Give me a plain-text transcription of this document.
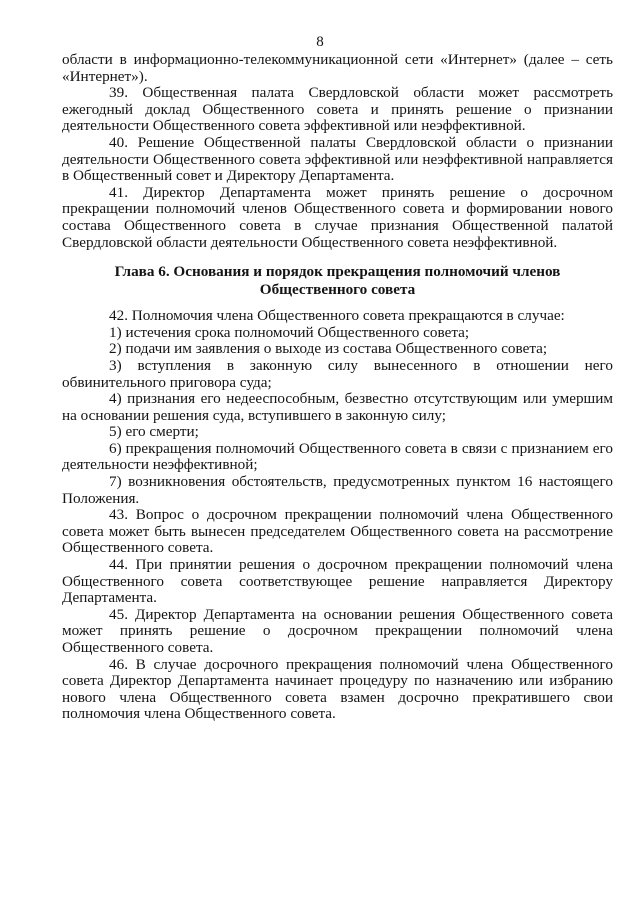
8

области в информационно-телекоммуникационной сети «Интернет» (далее – сеть «Интернет»).

39. Общественная палата Свердловской области может рассмотреть ежегодный доклад Общественного совета и принять решение о признании деятельности Общественного совета эффективной или неэффективной.

40. Решение Общественной палаты Свердловской области о признании деятельности Общественного совета эффективной или неэффективной направляется в Общественный совет и Директору Департамента.

41. Директор Департамента может принять решение о досрочном прекращении полномочий членов Общественного совета и формировании нового состава Общественного совета в случае признания Общественной палатой Свердловской области деятельности Общественного совета неэффективной.

Глава 6. Основания и порядок прекращения полномочий членов
Общественного совета

42. Полномочия члена Общественного совета прекращаются в случае:

1) истечения срока полномочий Общественного совета;

2) подачи им заявления о выходе из состава Общественного совета;

3) вступления в законную силу вынесенного в отношении него обвинительного приговора суда;

4) признания его недееспособным, безвестно отсутствующим или умершим на основании решения суда, вступившего в законную силу;

5) его смерти;

6) прекращения полномочий Общественного совета в связи с признанием его деятельности неэффективной;

7) возникновения обстоятельств, предусмотренных пунктом 16 настоящего Положения.

43. Вопрос о досрочном прекращении полномочий члена Общественного совета может быть вынесен председателем Общественного совета на рассмотрение Общественного совета.

44. При принятии решения о досрочном прекращении полномочий члена Общественного совета соответствующее решение направляется Директору Департамента.

45. Директор Департамента на основании решения Общественного совета может принять решение о досрочном прекращении полномочий члена Общественного совета.

46. В случае досрочного прекращения полномочий члена Общественного совета Директор Департамента начинает процедуру по назначению или избранию нового члена Общественного совета взамен досрочно прекратившего свои полномочия члена Общественного совета.
